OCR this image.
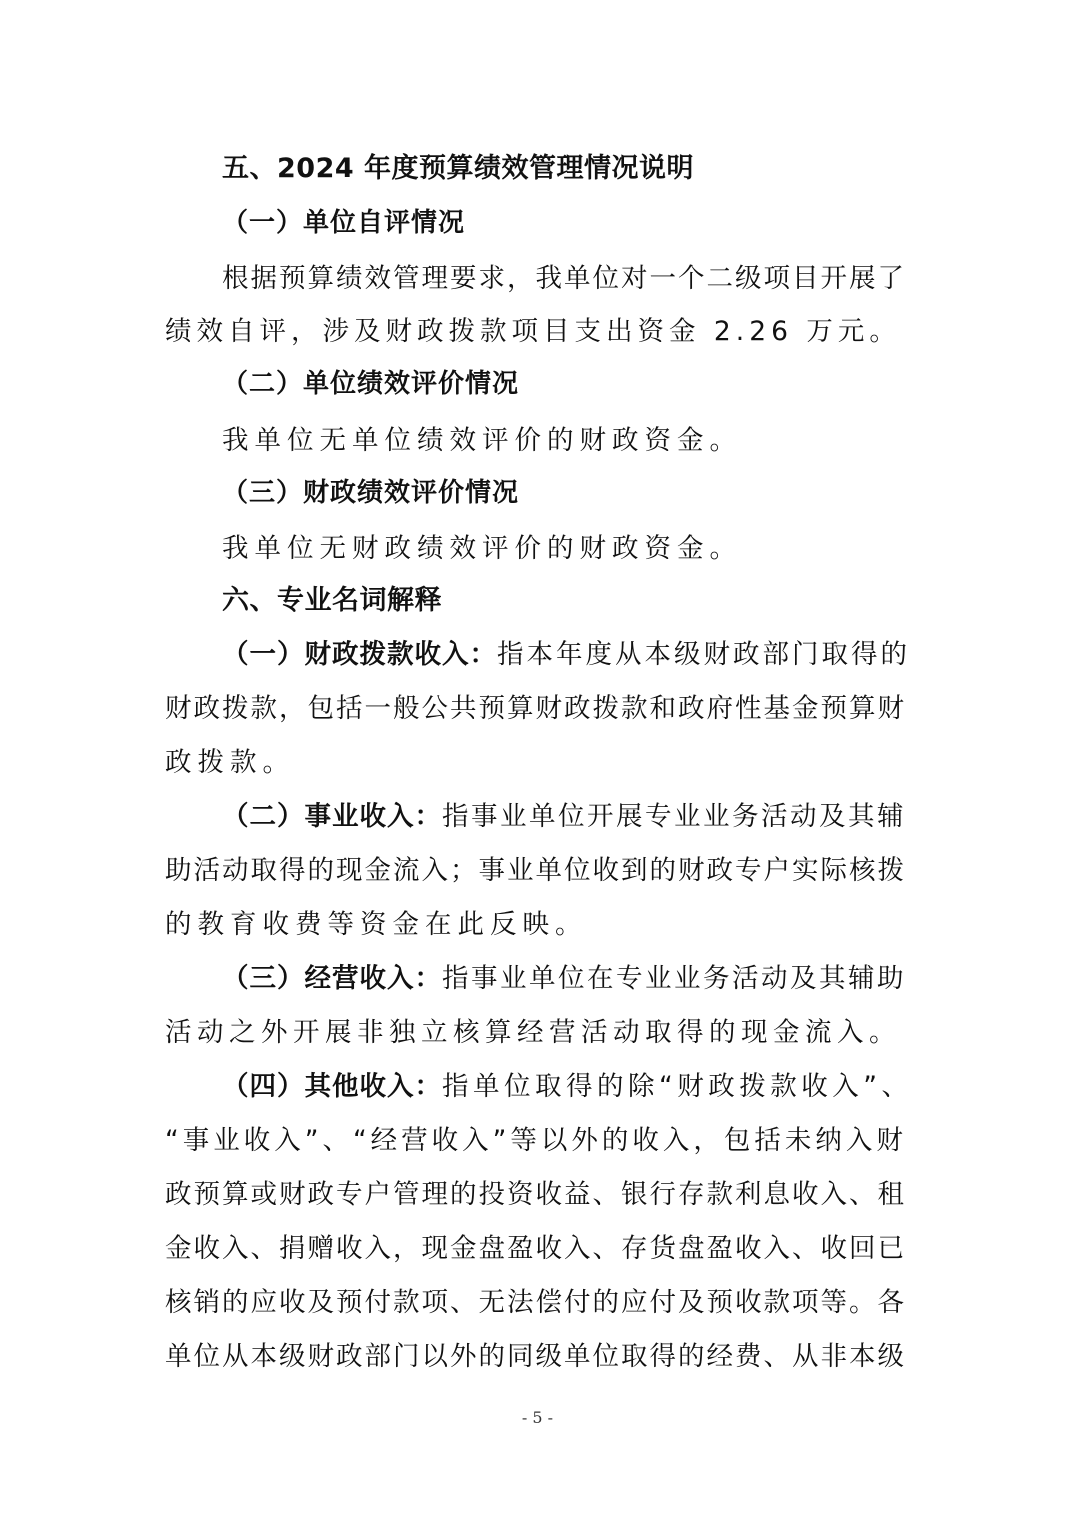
五、2024 年度预算绩效管理情况说明
（一）单位自评情况
根据预算绩效管理要求，我单位对一个二级项目开展了
绩效自评，涉及财政拨款项目支出资金 2.26 万元。
（二）单位绩效评价情况
我单位无单位绩效评价的财政资金。
（三）财政绩效评价情况
我单位无财政绩效评价的财政资金。
六、专业名词解释
（一）财政拨款收入：指本年度从本级财政部门取得的
财政拨款，包括一般公共预算财政拨款和政府性基金预算财
政拨款。
（二）事业收入：指事业单位开展专业业务活动及其辅
助活动取得的现金流入；事业单位收到的财政专户实际核拨
的教育收费等资金在此反映。
（三）经营收入：指事业单位在专业业务活动及其辅助
活动之外开展非独立核算经营活动取得的现金流入。
（四）其他收入：指单位取得的除“财政拨款收入”、
“事业收入”、“经营收入”等以外的收入，包括未纳入财
政预算或财政专户管理的投资收益、银行存款利息收入、租
金收入、捐赠收入，现金盘盈收入、存货盘盈收入、收回已
核销的应收及预付款项、无法偿付的应付及预收款项等。各
单位从本级财政部门以外的同级单位取得的经费、从非本级
- 5 -
